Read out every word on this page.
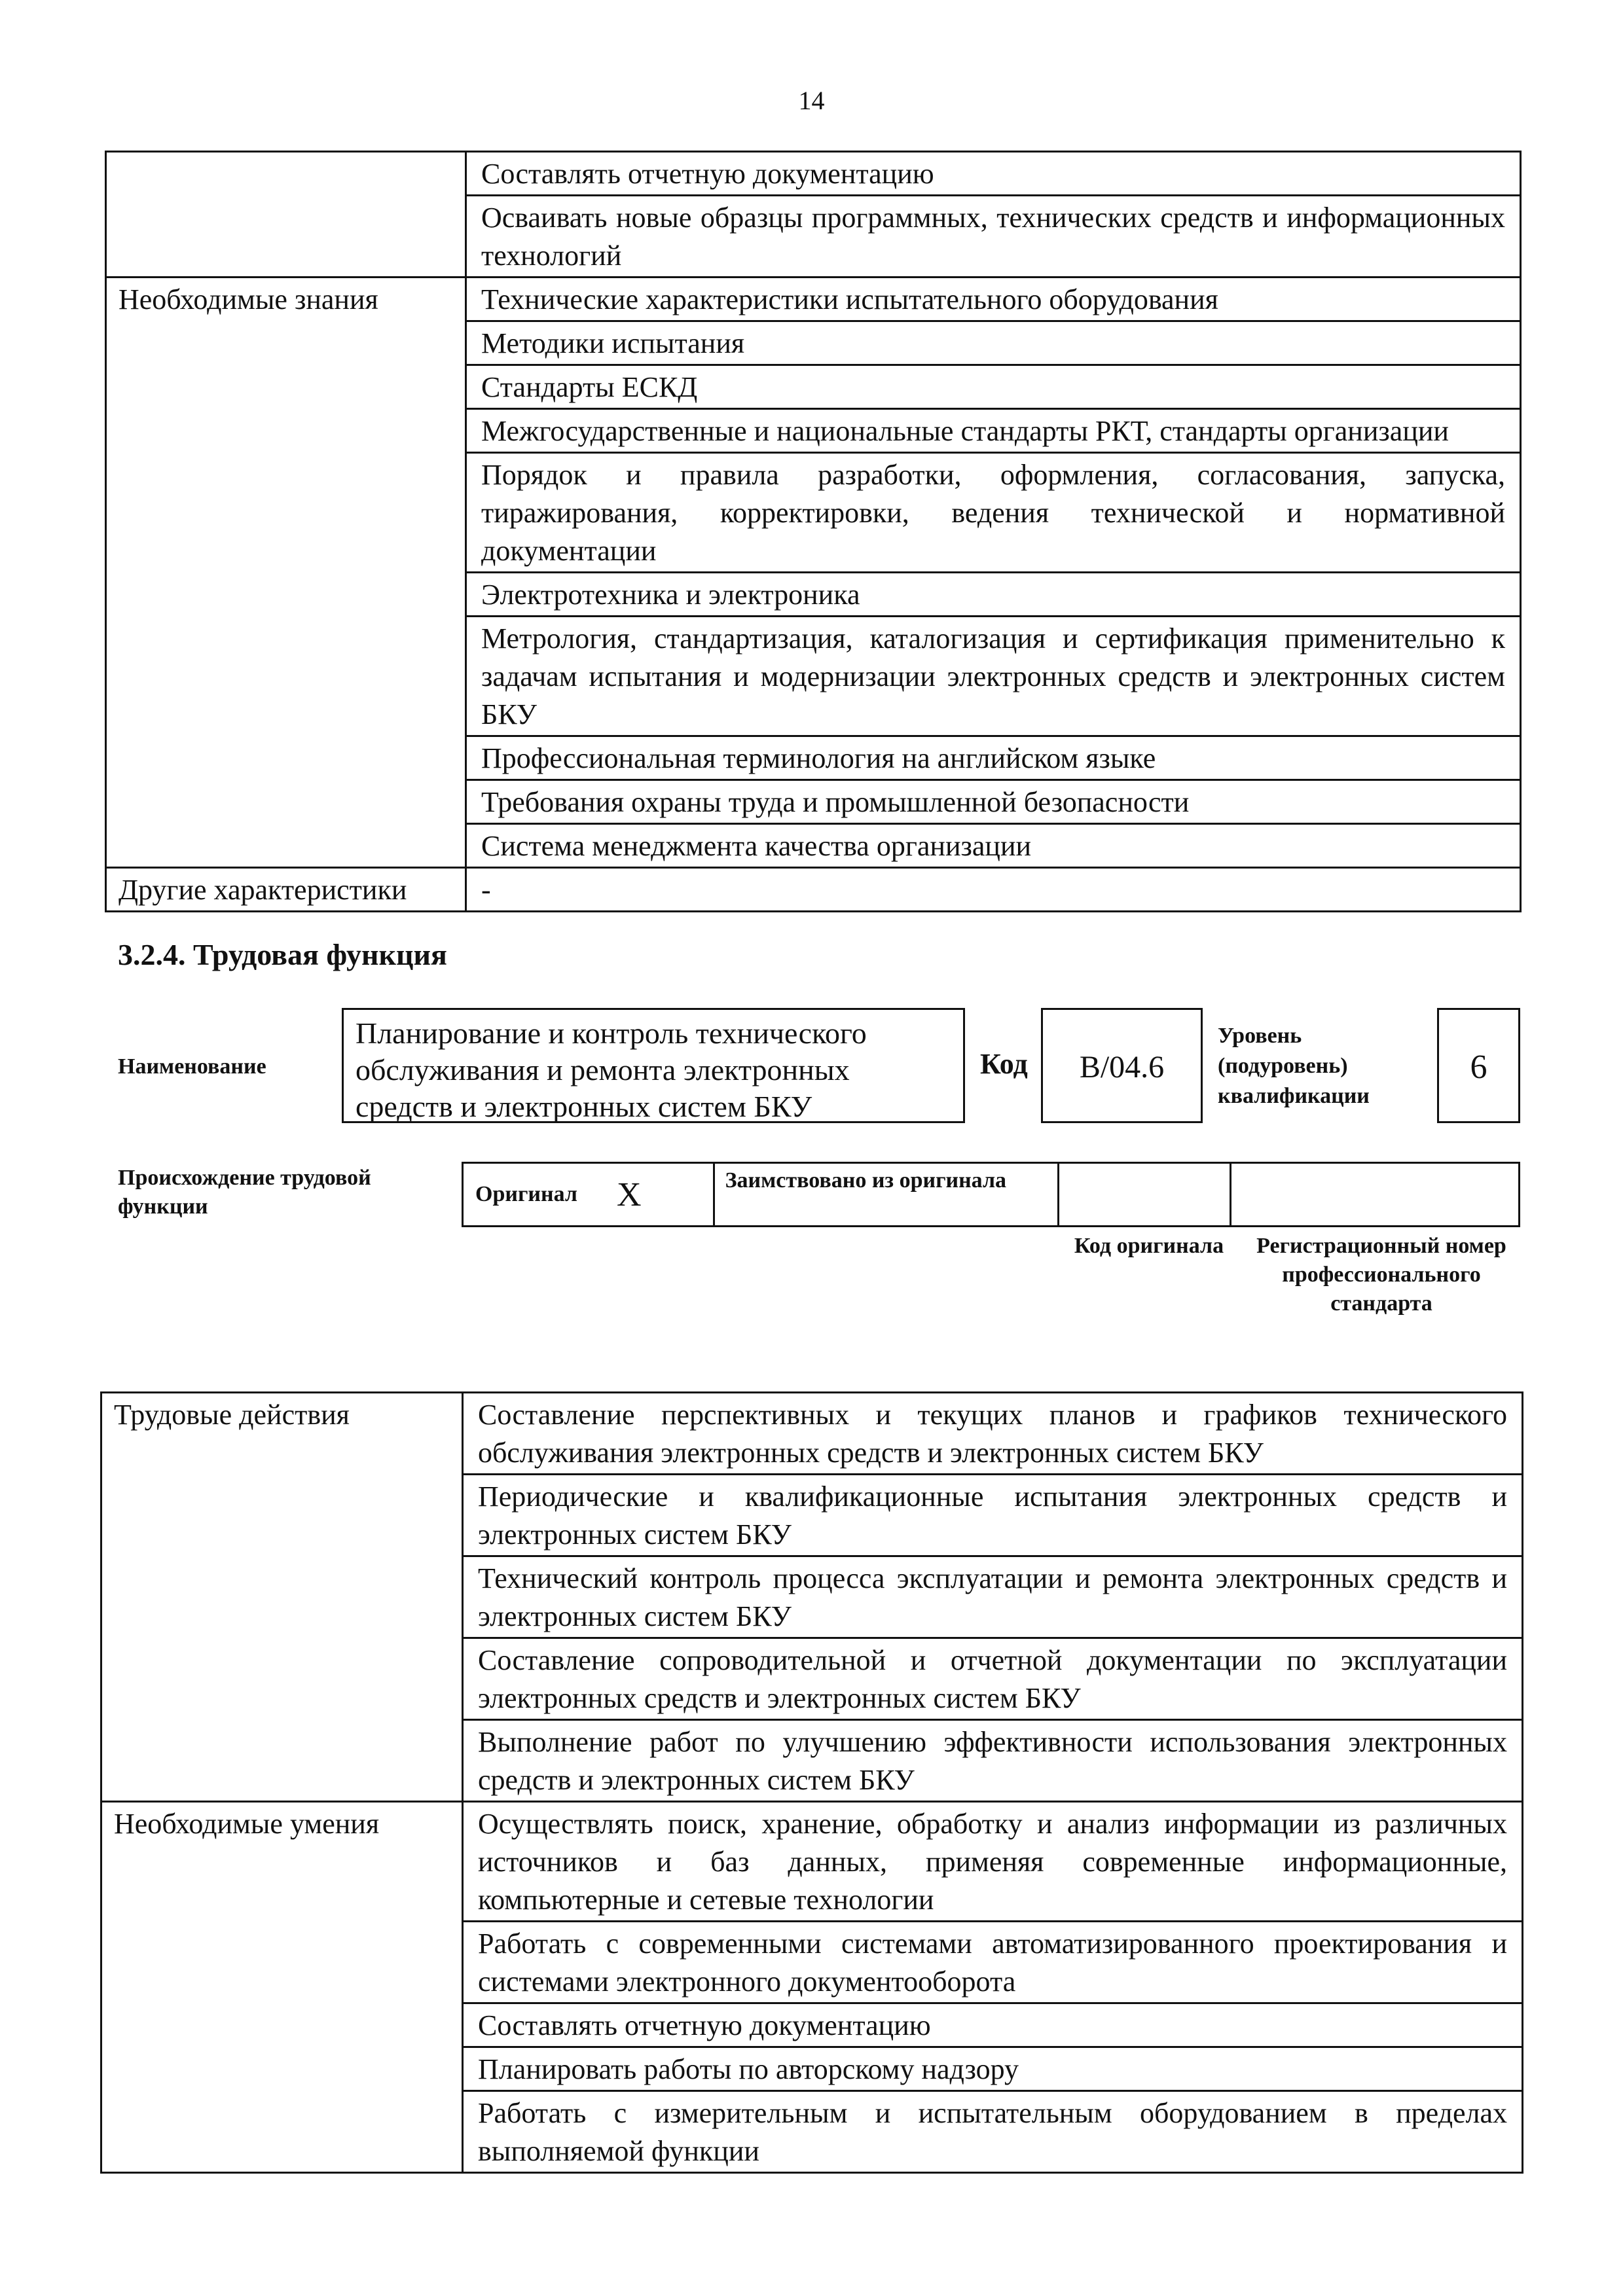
14
	Составлять отчетную документацию
	Осваивать новые образцы программных, технических средств и информационных технологий
Необходимые знания	Технические характеристики испытательного оборудования
	Методики испытания
	Стандарты ЕСКД
	Межгосударственные и национальные стандарты РКТ, стандарты организации
	Порядок и правила разработки, оформления, согласования, запуска, тиражирования, корректировки, ведения технической и нормативной документации
	Электротехника и электроника
	Метрология, стандартизация, каталогизация и сертификация применительно к задачам испытания и модернизации электронных средств и электронных систем БКУ
	Профессиональная терминология на английском языке
	Требования охраны труда и промышленной безопасности
	Система менеджмента качества организации
Другие характеристики	-
3.2.4. Трудовая функция
Наименование
Планирование и контроль технического обслуживания и ремонта электронных средств и электронных систем БКУ
Код	B/04.6
Уровень (подуровень) квалификации
6
Происхождение трудовой функции
Оригинал X	Заимствовано из оригинала
Код оригинала	Регистрационный номер профессионального стандарта
Трудовые действия	Составление перспективных и текущих планов и графиков технического обслуживания электронных средств и электронных систем БКУ
	Периодические и квалификационные испытания электронных средств и электронных систем БКУ
	Технический контроль процесса эксплуатации и ремонта электронных средств и электронных систем БКУ
	Составление сопроводительной и отчетной документации по эксплуатации электронных средств и электронных систем БКУ
	Выполнение работ по улучшению эффективности использования электронных средств и электронных систем БКУ
Необходимые умения	Осуществлять поиск, хранение, обработку и анализ информации из различных источников и баз данных, применяя современные информационные, компьютерные и сетевые технологии
	Работать с современными системами автоматизированного проектирования и системами электронного документооборота
	Составлять отчетную документацию
	Планировать работы по авторскому надзору
	Работать с измерительным и испытательным оборудованием в пределах выполняемой функции
